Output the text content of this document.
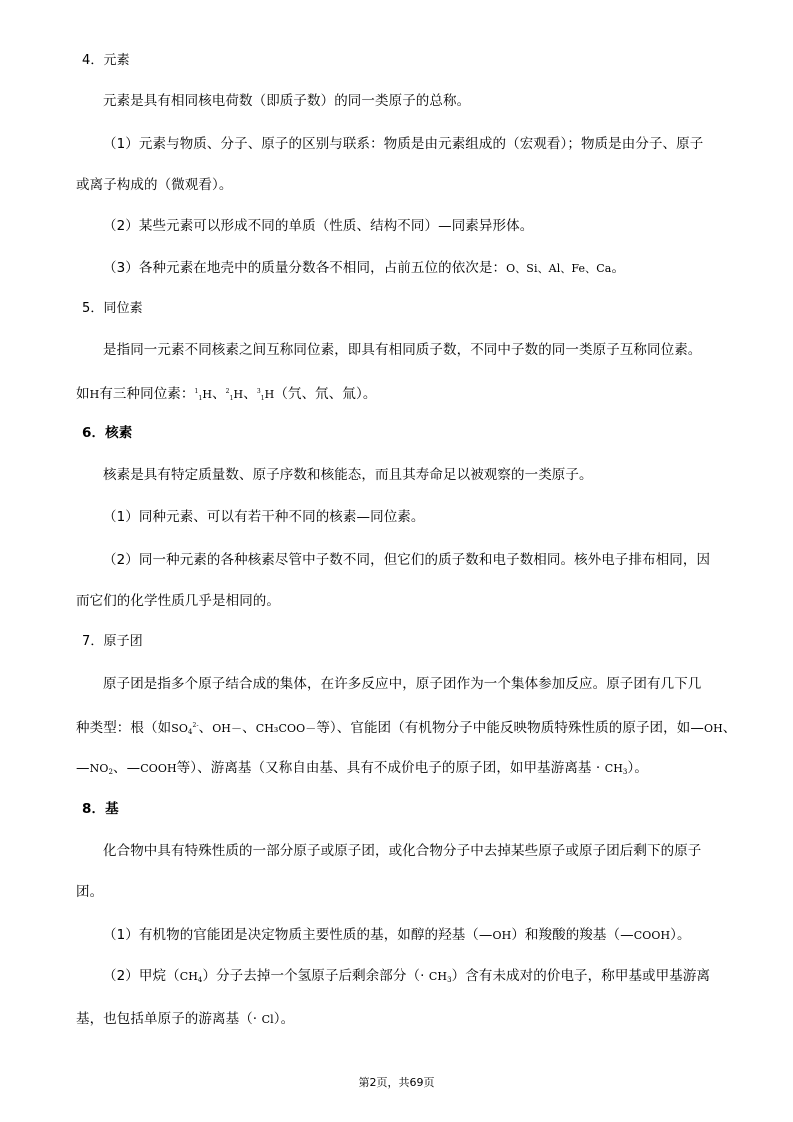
4．元素
元素是具有相同核电荷数（即质子数）的同一类原子的总称。
（1）元素与物质、分子、原子的区别与联系：物质是由元素组成的（宏观看）；物质是由分子、原子
或离子构成的（微观看）。
（2）某些元素可以形成不同的单质（性质、结构不同）—同素异形体。
（3）各种元素在地壳中的质量分数各不相同，占前五位的依次是：O、Si、Al、Fe、Ca。
5．同位素
是指同一元素不同核素之间互称同位素，即具有相同质子数，不同中子数的同一类原子互称同位素。
如H有三种同位素：$^1$1H、$^2$1H、$^3$1H（氕、氘、氚）。
6．核素
核素是具有特定质量数、原子序数和核能态，而且其寿命足以被观察的一类原子。
（1）同种元素、可以有若干种不同的核素—同位素。
（2）同一种元素的各种核素尽管中子数不同，但它们的质子数和电子数相同。核外电子排布相同，因
而它们的化学性质几乎是相同的。
7．原子团
原子团是指多个原子结合成的集体，在许多反应中，原子团作为一个集体参加反应。原子团有几下几
种类型：根（如$SO_4^{2-}$、OH－、CH₃COO－等）、官能团（有机物分子中能反映物质特殊性质的原子团，如—OH、
$—NO_2$、—COOH等）、游离基（又称自由基、具有不成价电子的原子团，如甲基游离基 · $CH_3$）。
8．基
化合物中具有特殊性质的一部分原子或原子团，或化合物分子中去掉某些原子或原子团后剩下的原子
团。
（1）有机物的官能团是决定物质主要性质的基，如醇的羟基（—OH）和羧酸的羧基（—COOH）。
（2）甲烷$(CH_4)$分子去掉一个氢原子后剩余部分（· $CH_3$）含有未成对的价电子，称甲基或甲基游离
基，也包括单原子的游离基（· Cl）。
第2页，共69页
